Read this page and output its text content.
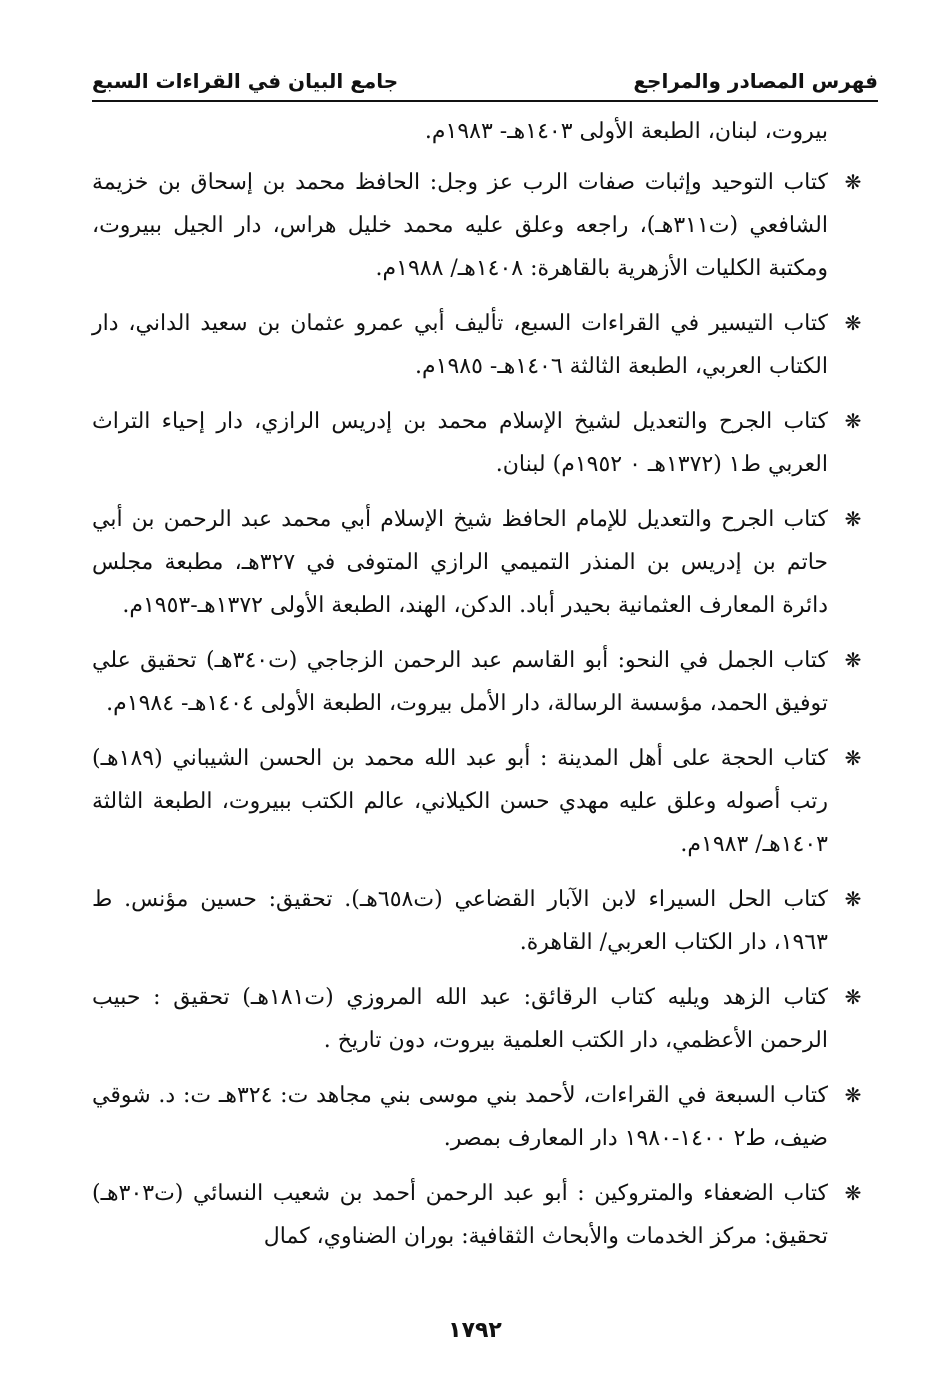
فهرس المصادر والمراجع
جامع البيان في القراءات السبع

بيروت، لبنان، الطبعة الأولى ١٤٠٣هـ- ١٩٨٣م.

❋
كتاب التوحيد وإثبات صفات الرب عز وجل: الحافظ محمد بن إسحاق بن خزيمة الشافعي (ت٣١١هـ)، راجعه وعلق عليه محمد خليل هراس، دار الجيل ببيروت، ومكتبة الكليات الأزهرية بالقاهرة: ١٤٠٨هـ/ ١٩٨٨م.
❋
كتاب التيسير في القراءات السبع، تأليف أبي عمرو عثمان بن سعيد الداني، دار الكتاب العربي، الطبعة الثالثة ١٤٠٦هـ- ١٩٨٥م.
❋
كتاب الجرح والتعديل لشيخ الإسلام محمد بن إدريس الرازي، دار إحياء التراث العربي ط١ (١٣٧٢هـ ٠ ١٩٥٢م) لبنان.
❋
كتاب الجرح والتعديل للإمام الحافظ شيخ الإسلام أبي محمد عبد الرحمن بن أبي حاتم بن إدريس بن المنذر التميمي الرازي المتوفى في ٣٢٧هـ، مطبعة مجلس دائرة المعارف العثمانية بحيدر أباد. الدكن، الهند، الطبعة الأولى ١٣٧٢هـ-١٩٥٣م.
❋
كتاب الجمل في النحو: أبو القاسم عبد الرحمن الزجاجي (ت٣٤٠هـ) تحقيق علي توفيق الحمد، مؤسسة الرسالة، دار الأمل بيروت، الطبعة الأولى ١٤٠٤هـ- ١٩٨٤م.
❋
كتاب الحجة على أهل المدينة : أبو عبد الله محمد بن الحسن الشيباني (١٨٩هـ) رتب أصوله وعلق عليه مهدي حسن الكيلاني، عالم الكتب ببيروت، الطبعة الثالثة ١٤٠٣هـ/ ١٩٨٣م.
❋
كتاب الحل السيراء لابن الآبار القضاعي (ت٦٥٨هـ). تحقيق: حسين مؤنس. ط ١٩٦٣، دار الكتاب العربي/ القاهرة.
❋
كتاب الزهد ويليه كتاب الرقائق: عبد الله المروزي (ت١٨١هـ) تحقيق : حبيب الرحمن الأعظمي، دار الكتب العلمية بيروت، دون تاريخ .
❋
كتاب السبعة في القراءات، لأحمد بني موسى بني مجاهد ت: ٣٢٤هـ ت: د. شوقي ضيف، ط٢ ١٤٠٠-١٩٨٠ دار المعارف بمصر.
❋
كتاب الضعفاء والمتروكين : أبو عبد الرحمن أحمد بن شعيب النسائي (ت٣٠٣هـ) تحقيق: مركز الخدمات والأبحاث الثقافية: بوران الضناوي، كمال
١٧٩٢
